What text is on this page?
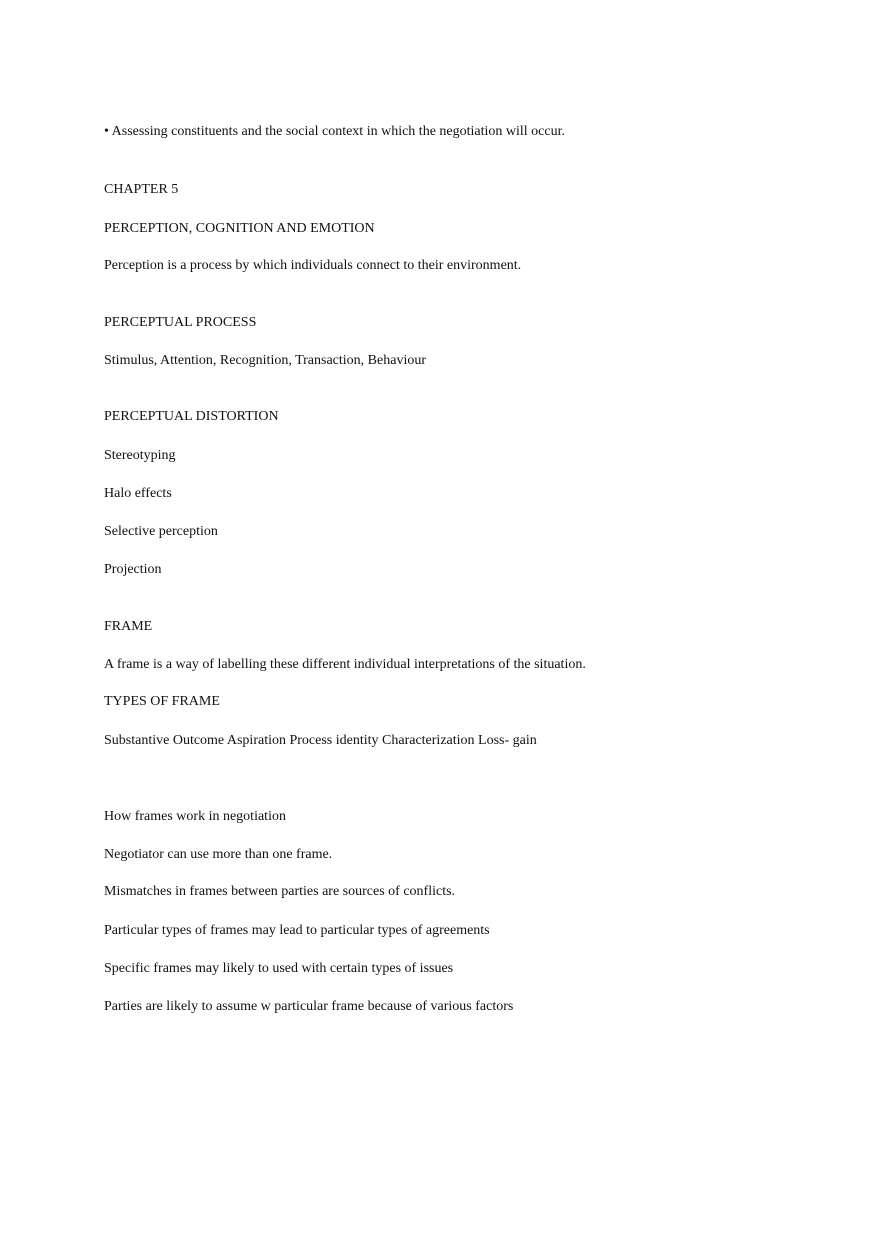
• Assessing constituents and the social context in which the negotiation will occur.

CHAPTER 5

PERCEPTION, COGNITION AND EMOTION

Perception is a process by which individuals connect to their environment.

PERCEPTUAL PROCESS

Stimulus, Attention, Recognition, Transaction, Behaviour

PERCEPTUAL DISTORTION

Stereotyping

Halo effects

Selective perception

Projection

FRAME

A frame is a way of labelling these different individual interpretations of the situation.

TYPES OF FRAME

Substantive Outcome Aspiration Process identity Characterization Loss- gain

How frames work in negotiation

Negotiator can use more than one frame.

Mismatches in frames between parties are sources of conflicts.

Particular types of frames may lead to particular types of agreements

Specific frames may likely to used with certain types of issues

Parties are likely to assume w particular frame because of various factors
